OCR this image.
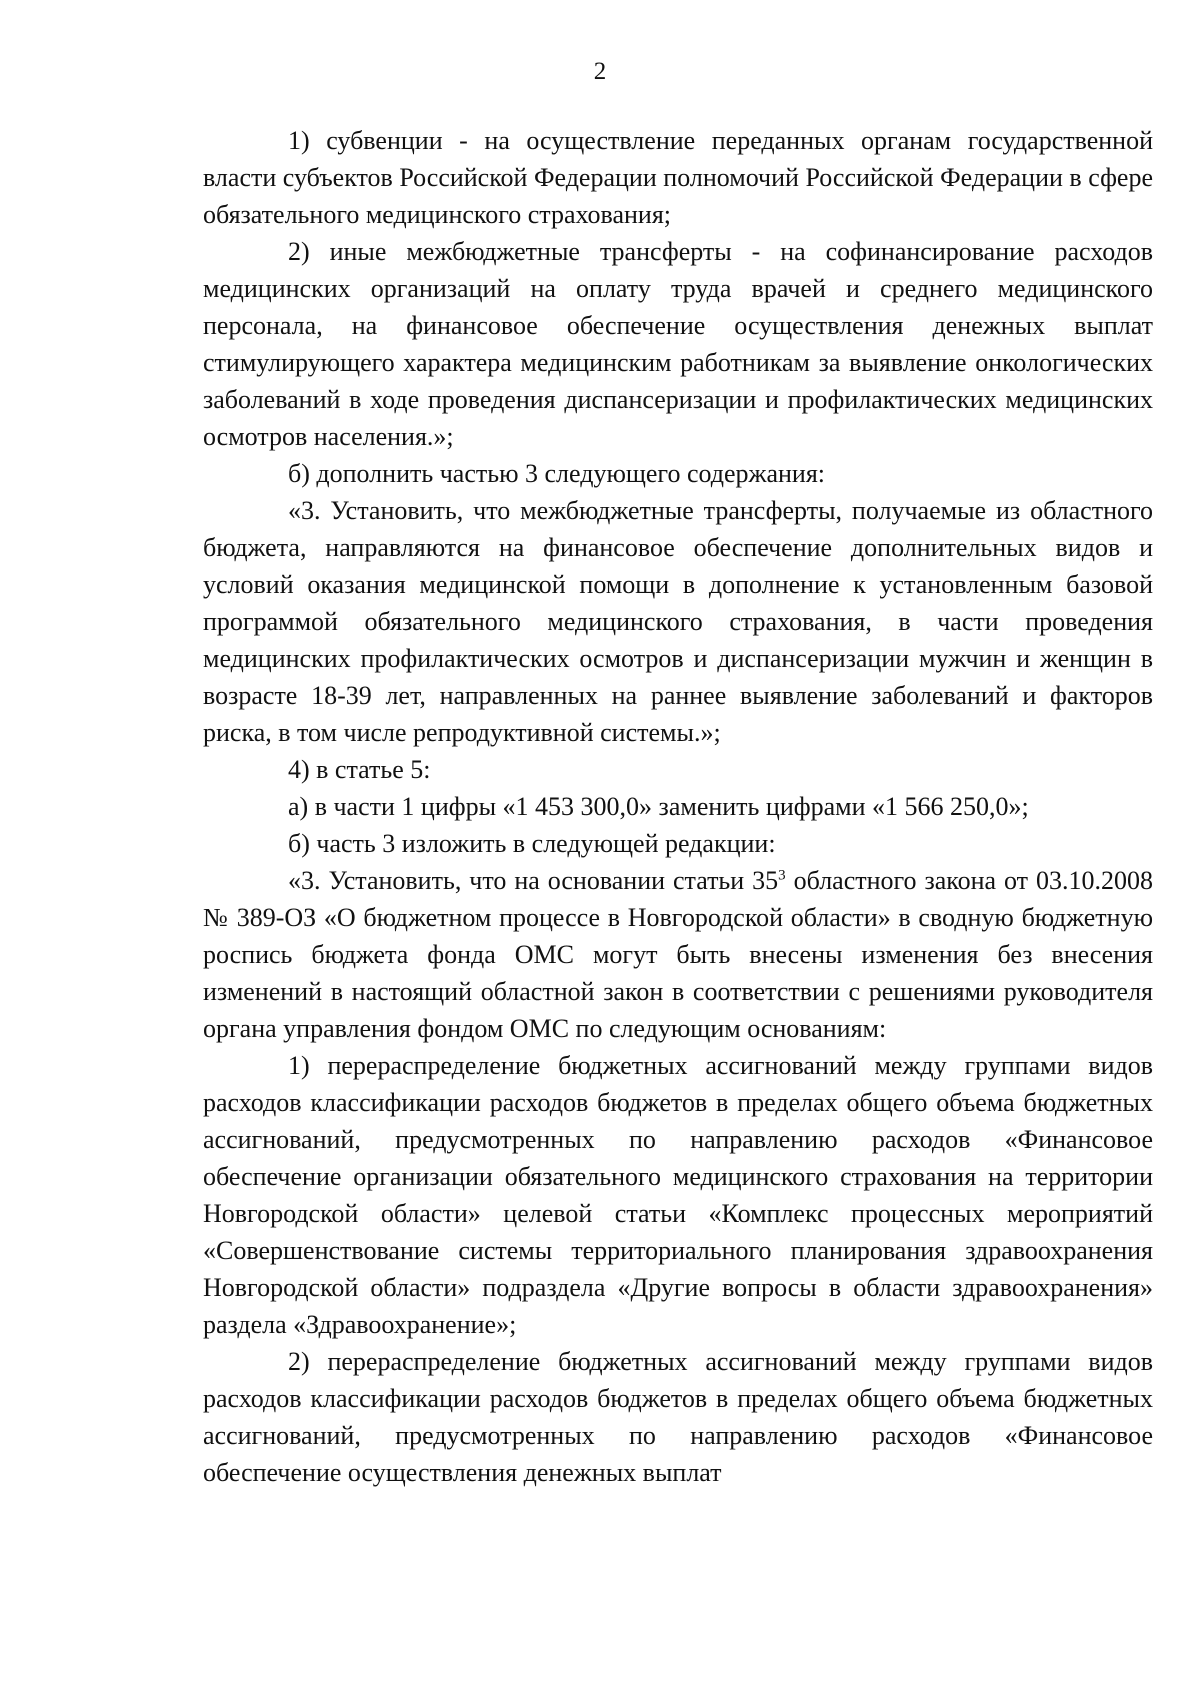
2

1) субвенции - на осуществление переданных органам государственной власти субъектов Российской Федерации полномочий Российской Федерации в сфере обязательного медицинского страхования;

2) иные межбюджетные трансферты - на софинансирование расходов медицинских организаций на оплату труда врачей и среднего медицинского персонала, на финансовое обеспечение осуществления денежных выплат стимулирующего характера медицинским работникам за выявление онкологических заболеваний в ходе проведения диспансеризации и профилактических медицинских осмотров населения.»;

б) дополнить частью 3 следующего содержания:

«3. Установить, что межбюджетные трансферты, получаемые из областного бюджета, направляются на финансовое обеспечение дополнительных видов и условий оказания медицинской помощи в дополнение к установленным базовой программой обязательного медицинского страхования, в части проведения медицинских профилактических осмотров и диспансеризации мужчин и женщин в возрасте 18-39 лет, направленных на раннее выявление заболеваний и факторов риска, в том числе репродуктивной системы.»;

4) в статье 5:

а) в части 1 цифры «1 453 300,0» заменить цифрами «1 566 250,0»;

б) часть 3 изложить в следующей редакции:

«3. Установить, что на основании статьи $35^3$ областного закона от 03.10.2008 № 389-ОЗ «О бюджетном процессе в Новгородской области» в сводную бюджетную роспись бюджета фонда ОМС могут быть внесены изменения без внесения изменений в настоящий областной закон в соответствии с решениями руководителя органа управления фондом ОМС по следующим основаниям:

1) перераспределение бюджетных ассигнований между группами видов расходов классификации расходов бюджетов в пределах общего объема бюджетных ассигнований, предусмотренных по направлению расходов «Финансовое обеспечение организации обязательного медицинского страхования на территории Новгородской области» целевой статьи «Комплекс процессных мероприятий «Совершенствование системы территориального планирования здравоохранения Новгородской области» подраздела «Другие вопросы в области здравоохранения» раздела «Здравоохранение»;

2) перераспределение бюджетных ассигнований между группами видов расходов классификации расходов бюджетов в пределах общего объема бюджетных ассигнований, предусмотренных по направлению расходов «Финансовое обеспечение осуществления денежных выплат
